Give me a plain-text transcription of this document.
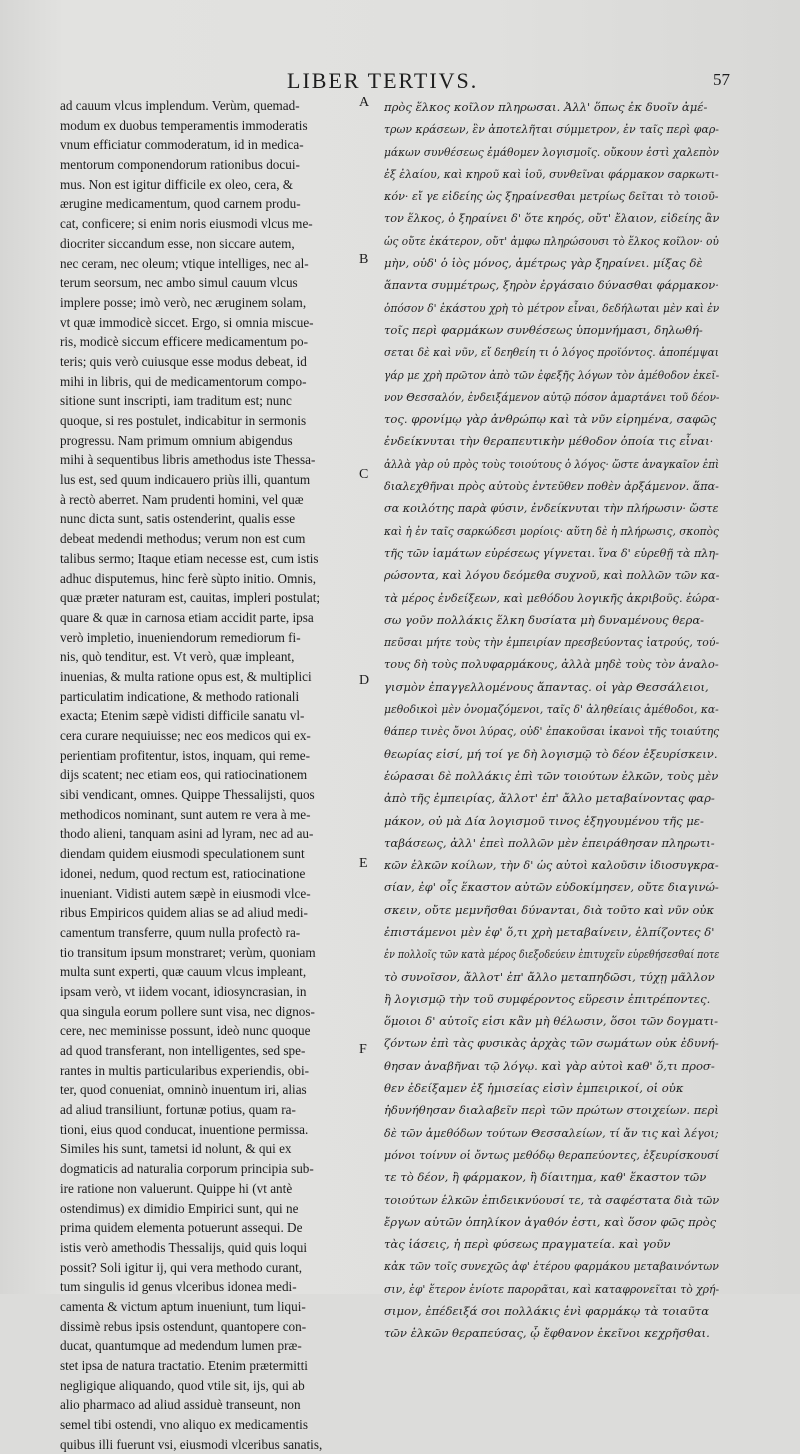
LIBER TERTIVS.	57
ad cauum vlcus implendum. Verùm, quemad-
modum ex duobus temperamentis immoderatis
vnum efficiatur commoderatum, id in medica-
mentorum componendorum rationibus docui-
mus. Non est igitur difficile ex oleo, cera, &
ærugine medicamentum, quod carnem produ-
cat, conficere; si enim noris eiusmodi vlcus me-
diocriter siccandum esse, non siccare autem,
nec ceram, nec oleum; vtique intelliges, nec al-
terum seorsum, nec ambo simul cauum vlcus
implere posse; imò verò, nec æruginem solam,
vt quæ immodicè siccet. Ergo, si omnia miscue-
ris, modicè siccum efficere medicamentum po-
teris; quis verò cuiusque esse modus debeat, id
mihi in libris, qui de medicamentorum compo-
sitione sunt inscripti, iam traditum est; nunc
quoque, si res postulet, indicabitur in sermonis
progressu. Nam primum omnium abigendus
mihi à sequentibus libris amethodus iste Thessa-
lus est, sed quum indicauero priùs illi, quantum
à rectò aberret. Nam prudenti homini, vel quæ
nunc dicta sunt, satis ostenderint, qualis esse
debeat medendi methodus; verum non est cum
talibus sermo; Itaque etiam necesse est, cum istis
adhuc disputemus, hinc ferè sùpto initio. Omnis,
quæ præter naturam est, cauitas, impleri postulat;
quare & quæ in carnosa etiam accidit parte, ipsa
verò impletio, inueniendorum remediorum fi-
nis, quò tenditur, est. Vt verò, quæ impleant,
inuenias, & multa ratione opus est, & multiplici
particulatim indicatione, & methodo rationali
exacta; Etenim sæpè vidisti difficile sanatu vl-
cera curare nequiuisse; nec eos medicos qui ex-
perientiam profitentur, istos, inquam, qui reme-
dijs scatent; nec etiam eos, qui ratiocinationem
sibi vendicant, omnes. Quippe Thessalijsti, quos
methodicos nominant, sunt autem re vera à me-
thodo alieni, tanquam asini ad lyram, nec ad au-
diendam quidem eiusmodi speculationem sunt
idonei, nedum, quod rectum est, ratiocinatione
inueniant. Vidisti autem sæpè in eiusmodi vlce-
ribus Empiricos quidem alias se ad aliud medi-
camentum transferre, quum nulla profectò ra-
tio transitum ipsum monstraret; verùm, quoniam
multa sunt experti, quæ cauum vlcus impleant,
ipsam verò, vt iidem vocant, idiosyncrasian, in
qua singula eorum pollere sunt visa, nec dignos-
cere, nec meminisse possunt, ideò nunc quoque
ad quod transferant, non intelligentes, sed spe-
rantes in multis particularibus experiendis, obi-
ter, quod conueniat, omninò inuentum iri, alias
ad aliud transiliunt, fortunæ potius, quam ra-
tioni, eius quod conducat, inuentione permissa.
Similes his sunt, tametsi id nolunt, & qui ex
dogmaticis ad naturalia corporum principia sub-
ire ratione non valuerunt. Quippe hi (vt antè
ostendimus) ex dimidio Empirici sunt, qui ne
prima quidem elementa potuerunt assequi. De
istis verò amethodis Thessalijs, quid quis loqui
possit? Soli igitur ij, qui vera methodo curant,
tum singulis id genus vlceribus idonea medi-
camenta & victum aptum inueniunt, tum liqui-
dissimè rebus ipsis ostendunt, quantopere con-
ducat, quantumque ad medendum lumen præ-
stet ipsa de natura tractatio. Etenim prætermitti
negligique aliquando, quod vtile sit, ijs, qui ab
alio pharmaco ad aliud assiduè transeunt, non
semel tibi ostendi, vno aliquo ex medicamentis
quibus illi fuerunt vsi, eiusmodi vlceribus sanatis,
A
B
C
D
E
F
πρὸς ἕλκος κοῖλον πληρωσαι. Ἀλλ' ὅπως ἐκ δυοῖν ἀμέ-
τρων κράσεων, ἓν ἀποτελῆται σύμμετρον, ἐν ταῖς περὶ φαρ-
μάκων συνθέσεως ἐμάθομεν λογισμοῖς. οὔκουν ἐστὶ χαλεπὸν
ἐξ ἐλαίου, καὶ κηροῦ καὶ ἰοῦ, συνθεῖναι φάρμακον σαρκωτι-
κόν· εἴ γε εἰδείης ὡς ξηραίνεσθαι μετρίως δεῖται τὸ τοιοῦ-
τον ἕλκος, ὁ ξηραίνει δ' ὅτε κηρός, οὔτ' ἔλαιον, εἰδείης ἂν
ὡς οὔτε ἑκάτερον, οὔτ' ἀμφω πληρώσουσι τὸ ἕλκος κοῖλον· οὐ
μὴν, οὐδ' ὁ ἰὸς μόνος, ἀμέτρως γὰρ ξηραίνει. μίξας δὲ
ἅπαντα συμμέτρως, ξηρὸν ἐργάσαιο δύνασθαι φάρμακον·
ὁπόσον δ' ἑκάστου χρὴ τὸ μέτρον εἶναι, δεδήλωται μὲν καὶ ἐν
τοῖς περὶ φαρμάκων συνθέσεως ὑπομνήμασι, δηλωθή-
σεται δὲ καὶ νῦν, εἴ δεηθείη τι ὁ λόγος προϊόντος. ἀποπέμψαι
γάρ με χρὴ πρῶτον ἀπὸ τῶν ἐφεξῆς λόγων τὸν ἀμέθοδον ἐκεῖ-
νον Θεσσαλόν, ἐνδειξάμενον αὐτῷ πόσον ἁμαρτάνει τοῦ δέον-
τος. φρονίμῳ γὰρ ἀνθρώπῳ καὶ τὰ νῦν εἰρημένα, σαφῶς
ἐνδείκνυται τὴν θεραπευτικὴν μέθοδον ὁποία τις εἶναι·
ἀλλὰ γὰρ οὐ πρὸς τοὺς τοιούτους ὁ λόγος· ὥστε ἀναγκαῖον ἐπὶ
διαλεχθῆναι πρὸς αὐτοὺς ἐντεῦθεν ποθὲν ἀρξάμενον. ἅπα-
σα κοιλότης παρὰ φύσιν, ἐνδείκνυται τὴν πλήρωσιν· ὥστε
καὶ ἡ ἐν ταῖς σαρκώδεσι μορίοις· αὕτη δὲ ἡ πλήρωσις, σκοπὸς
τῆς τῶν ἰαμάτων εὑρέσεως γίγνεται. ἵνα δ' εὑρεθῇ τὰ πλη-
ρώσοντα, καὶ λόγου δεόμεθα συχνοῦ, καὶ πολλῶν τῶν κα-
τὰ μέρος ἐνδείξεων, καὶ μεθόδου λογικῆς ἀκριβοῦς. ἑώρα-
σω γοῦν πολλάκις ἕλκη δυσίατα μὴ δυναμένους θερα-
πεῦσαι μήτε τοὺς τὴν ἐμπειρίαν πρεσβεύοντας ἰατρούς, τού-
τους δὴ τοὺς πολυφαρμάκους, ἀλλὰ μηδὲ τοὺς τὸν ἀναλο-
γισμὸν ἐπαγγελλομένους ἅπαντας. οἱ γὰρ Θεσσάλειοι,
μεθοδικοὶ μὲν ὀνομαζόμενοι, ταῖς δ' ἀληθείαις ἀμέθοδοι, κα-
θάπερ τινὲς ὄνοι λύρας, οὐδ' ἐπακοῦσαι ἱκανοὶ τῆς τοιαύτης
θεωρίας εἰσί, μή τοί γε δὴ λογισμῷ τὸ δέον ἐξευρίσκειν.
ἑώρασαι δὲ πολλάκις ἐπὶ τῶν τοιούτων ἑλκῶν, τοὺς μὲν
ἀπὸ τῆς ἐμπειρίας, ἄλλοτ' ἐπ' ἄλλο μεταβαίνοντας φαρ-
μάκον, οὐ μὰ Δία λογισμοῦ τινος ἐξηγουμένου τῆς με-
ταβάσεως, ἀλλ' ἐπεὶ πολλῶν μὲν ἐπειράθησαν πληρωτι-
κῶν ἑλκῶν κοίλων, τὴν δ' ὡς αὐτοὶ καλοῦσιν ἰδιοσυγκρα-
σίαν, ἐφ' οἷς ἕκαστον αὐτῶν εὐδοκίμησεν, οὔτε διαγινώ-
σκειν, οὔτε μεμνῆσθαι δύνανται, διὰ τοῦτο καὶ νῦν οὐκ
ἐπιστάμενοι μὲν ἐφ' ὅ,τι χρὴ μεταβαίνειν, ἐλπίζοντες δ'
ἐν πολλοῖς τῶν κατὰ μέρος διεξοδεύειν ἐπιτυχεῖν εὑρεθήσεσθαί ποτε
τὸ συνοῖσον, ἄλλοτ' ἐπ' ἄλλο μεταπηδῶσι, τύχῃ μᾶλλον
ἢ λογισμῷ τὴν τοῦ συμφέροντος εὕρεσιν ἐπιτρέποντες.
ὅμοιοι δ' αὐτοῖς εἰσι κἂν μὴ θέλωσιν, ὅσοι τῶν δογματι-
ζόντων ἐπὶ τὰς φυσικὰς ἀρχὰς τῶν σωμάτων οὐκ ἐδυνή-
θησαν ἀναβῆναι τῷ λόγῳ. καὶ γὰρ αὐτοὶ καθ' ὅ,τι προσ-
θεν ἐδείξαμεν ἐξ ἡμισείας εἰσὶν ἐμπειρικοί, οἱ οὐκ
ἠδυνήθησαν διαλαβεῖν περὶ τῶν πρώτων στοιχείων. περὶ
δὲ τῶν ἀμεθόδων τούτων Θεσσαλείων, τί ἄν τις καὶ λέγοι;
μόνοι τοίνυν οἱ ὄντως μεθόδῳ θεραπεύοντες, ἐξευρίσκουσί
τε τὸ δέον, ἢ φάρμακον, ἢ δίαιτημα, καθ' ἕκαστον τῶν
τοιούτων ἑλκῶν ἐπιδεικνύουσί τε, τὰ σαφέστατα διὰ τῶν
ἔργων αὐτῶν ὁπηλίκον ἀγαθόν ἐστι, καὶ ὅσον φῶς πρὸς
τὰς ἰάσεις, ἡ περὶ φύσεως πραγματεία. καὶ γοῦν
κἀκ τῶν τοῖς συνεχῶς ἀφ' ἑτέρου φαρμάκου μεταβαινόντων
σιν, ἐφ' ἕτερον ἐνίοτε παρορᾶται, καὶ καταφρονεῖται τὸ χρή-
σιμον, ἐπέδειξά σοι πολλάκις ἑνὶ φαρμάκῳ τὰ τοιαῦτα
τῶν ἑλκῶν θεραπεύσας, ᾧ ἔφθανον ἐκεῖνοι κεχρῆσθαι.
